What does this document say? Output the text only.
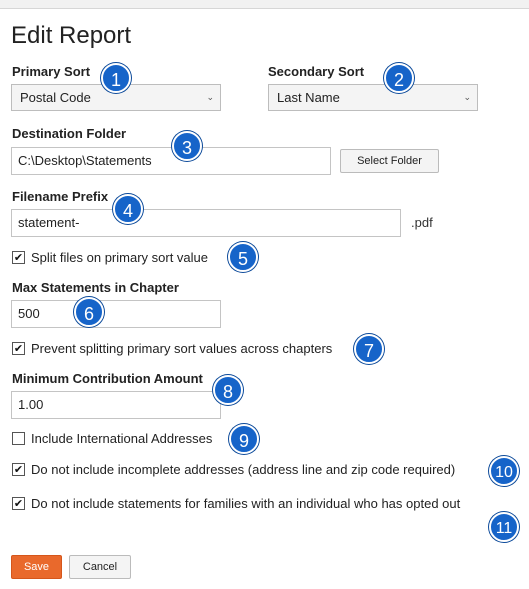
Edit Report
Primary Sort
Postal Code	⌄
Secondary Sort
Last Name	⌄
Destination Folder
C:\Desktop\Statements	Select Folder
Filename Prefix
statement-	.pdf
✔ Split files on primary sort value
Max Statements in Chapter
500
✔ Prevent splitting primary sort values across chapters
Minimum Contribution Amount
1.00
Include International Addresses
✔ Do not include incomplete addresses (address line and zip code required)
✔ Do not include statements for families with an individual who has opted out
Save	Cancel
1	2
3
4
5
6
7
8
9
10
11
